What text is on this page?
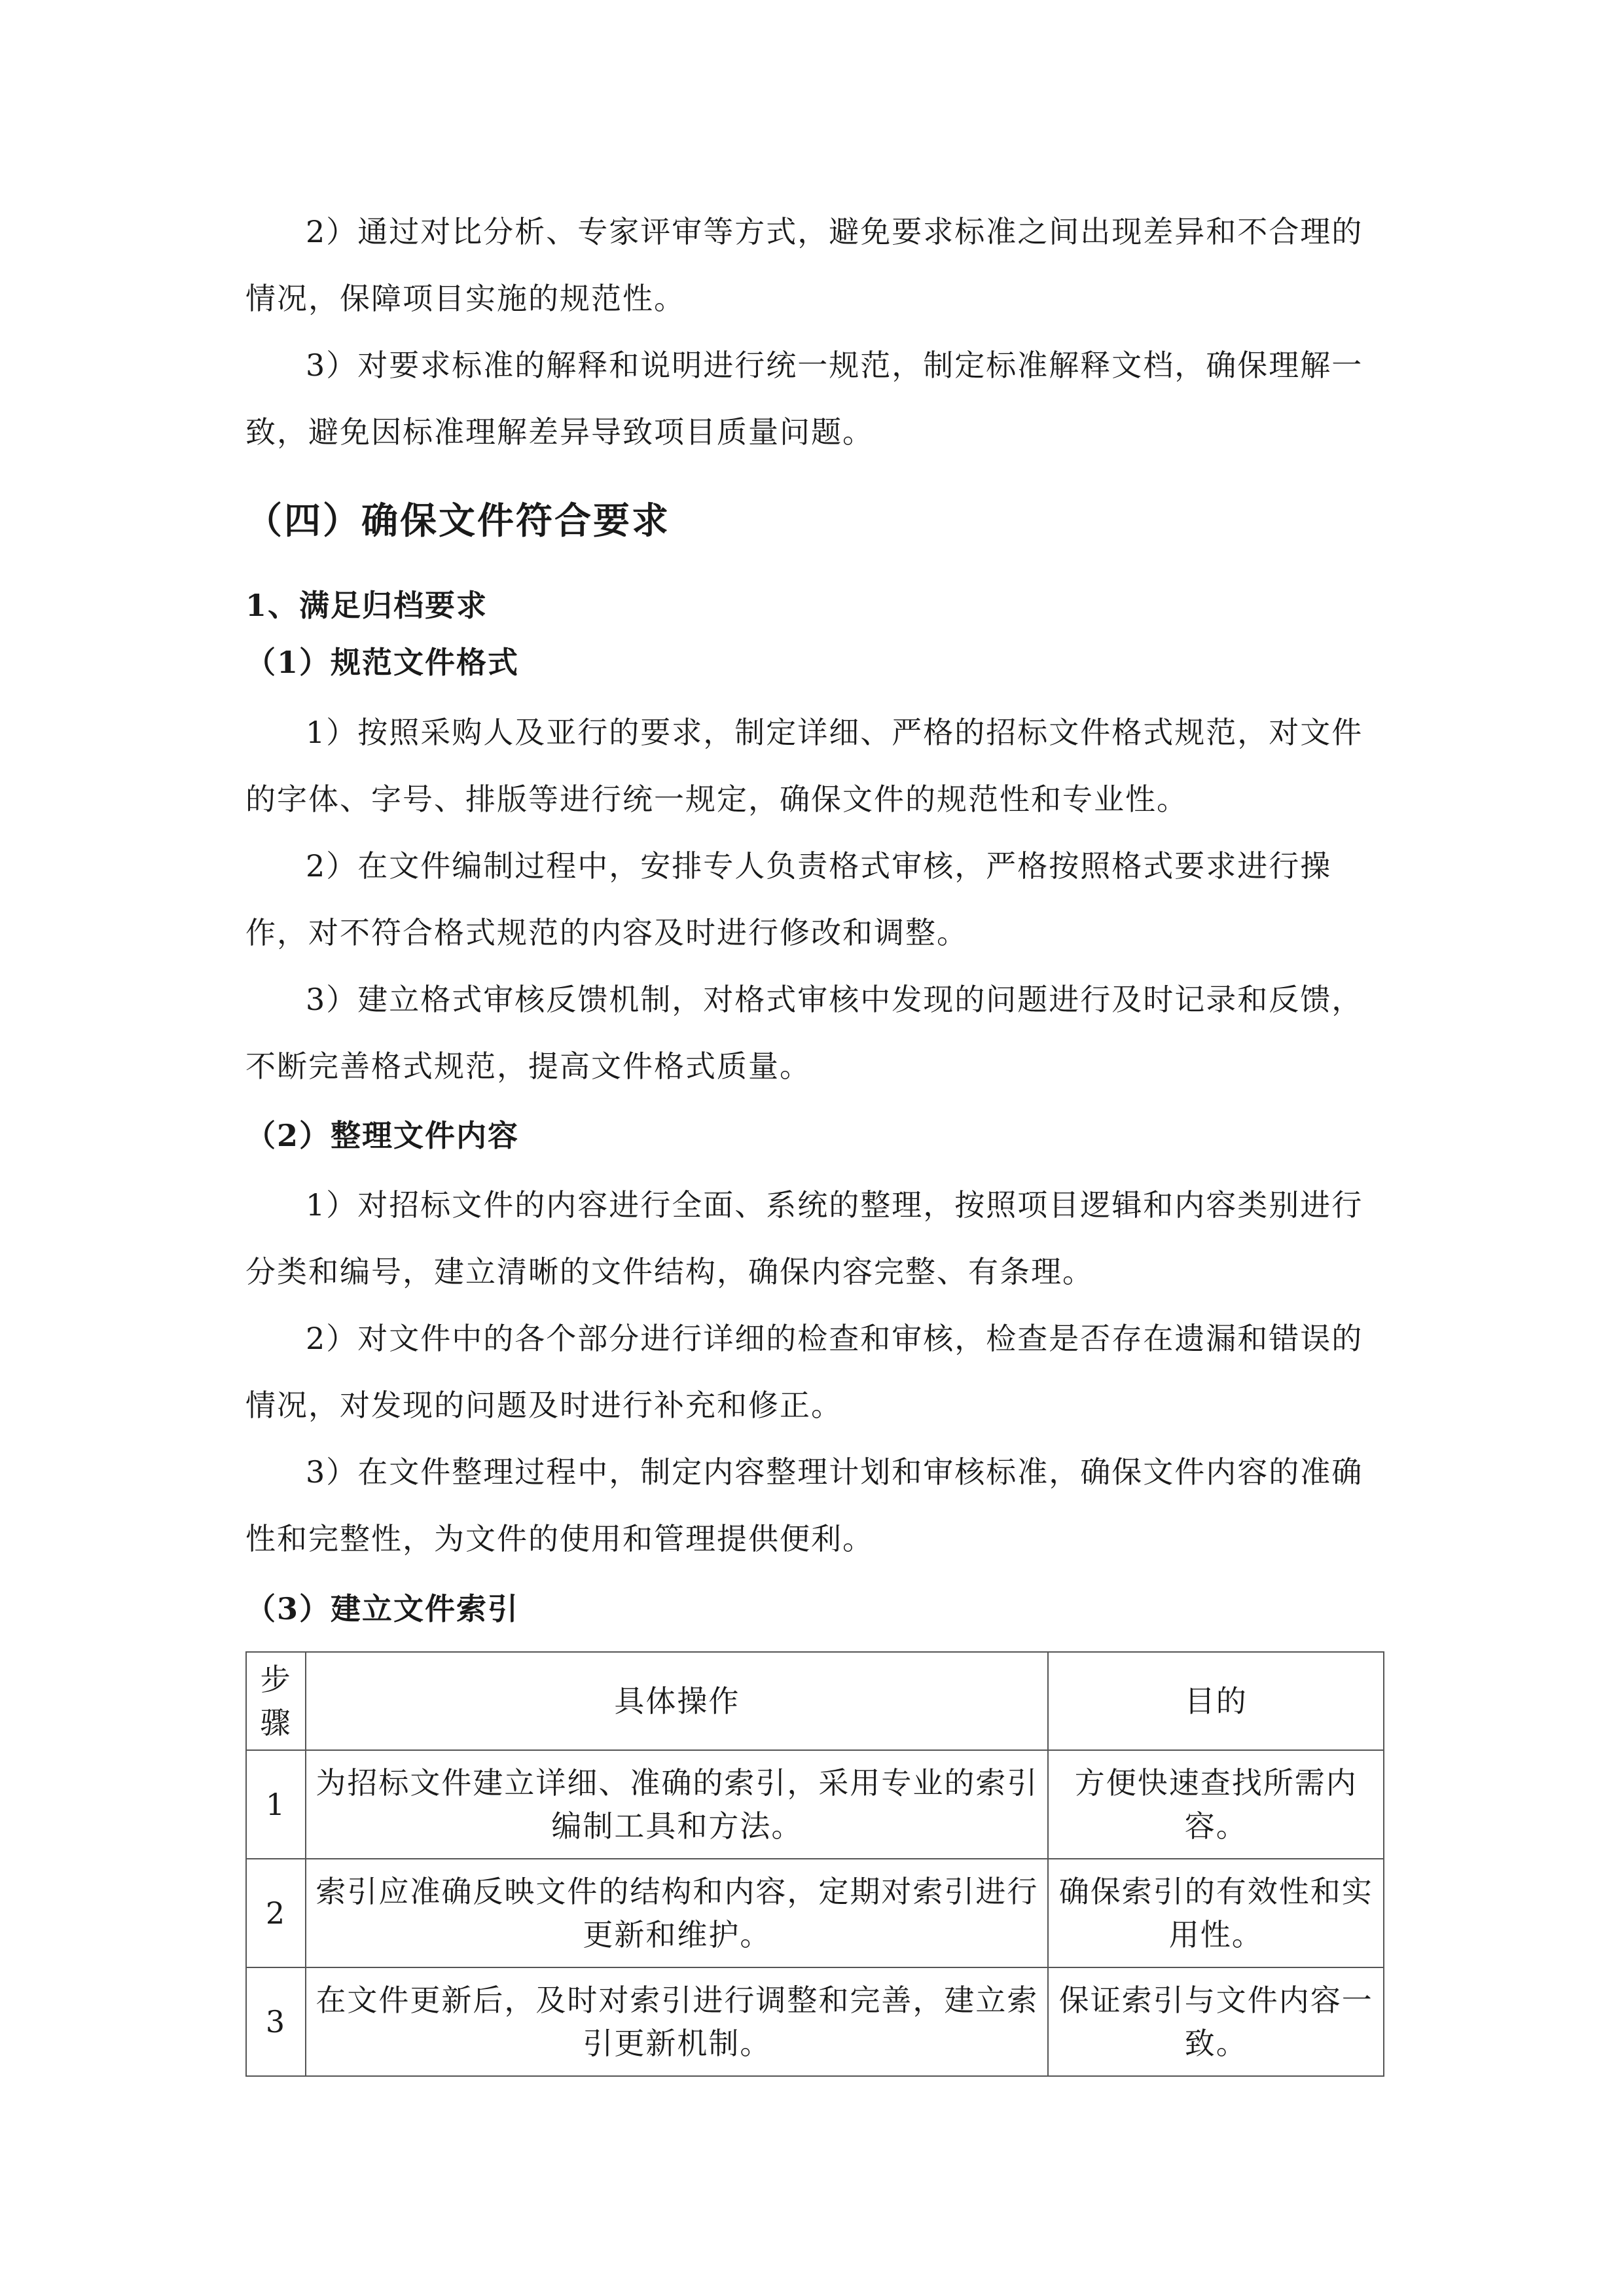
2）通过对比分析、专家评审等方式，避免要求标准之间出现差异和不合理的情况，保障项目实施的规范性。

3）对要求标准的解释和说明进行统一规范，制定标准解释文档，确保理解一致，避免因标准理解差异导致项目质量问题。

（四）确保文件符合要求
1、满足归档要求
（1）规范文件格式

1）按照采购人及亚行的要求，制定详细、严格的招标文件格式规范，对文件的字体、字号、排版等进行统一规定，确保文件的规范性和专业性。

2）在文件编制过程中，安排专人负责格式审核，严格按照格式要求进行操作，对不符合格式规范的内容及时进行修改和调整。

3）建立格式审核反馈机制，对格式审核中发现的问题进行及时记录和反馈，不断完善格式规范，提高文件格式质量。

（2）整理文件内容

1）对招标文件的内容进行全面、系统的整理，按照项目逻辑和内容类别进行分类和编号，建立清晰的文件结构，确保内容完整、有条理。

2）对文件中的各个部分进行详细的检查和审核，检查是否存在遗漏和错误的情况，对发现的问题及时进行补充和修正。

3）在文件整理过程中，制定内容整理计划和审核标准，确保文件内容的准确性和完整性，为文件的使用和管理提供便利。

（3）建立文件索引
步骤	具体操作	目的
1	为招标文件建立详细、准确的索引，采用专业的索引编制工具和方法。	方便快速查找所需内容。
2	索引应准确反映文件的结构和内容，定期对索引进行更新和维护。	确保索引的有效性和实用性。
3	在文件更新后，及时对索引进行调整和完善，建立索引更新机制。	保证索引与文件内容一致。
